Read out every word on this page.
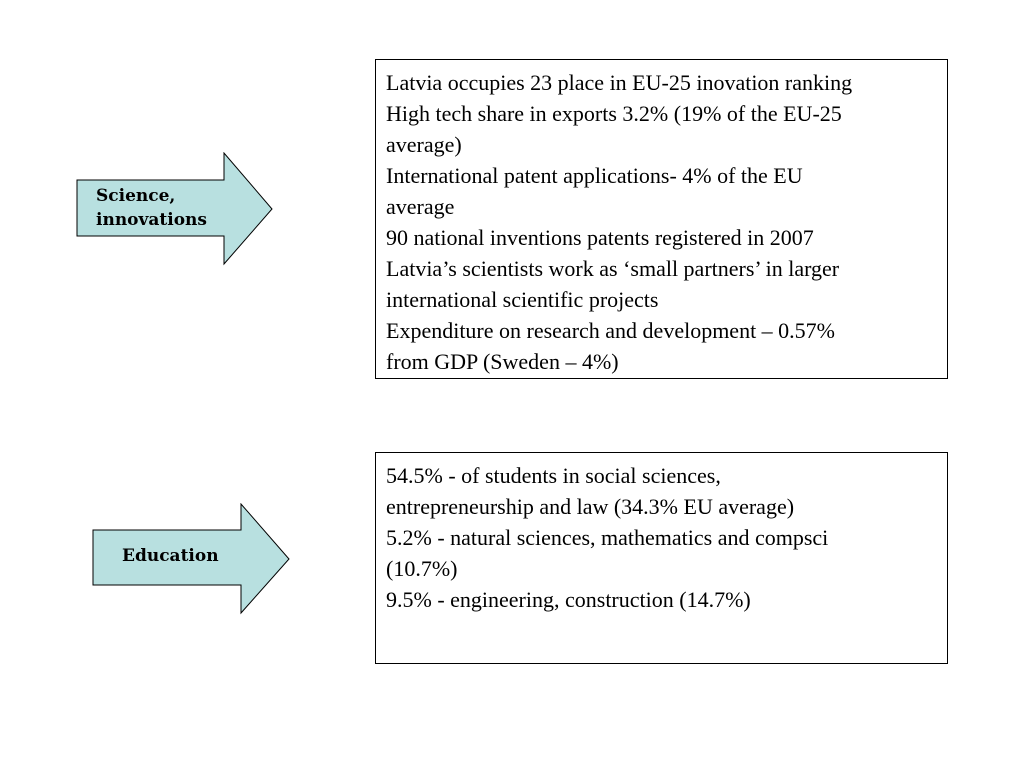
Science,
innovations
Latvia occupies 23 place in EU-25 inovation ranking
High tech share in exports 3.2% (19% of the EU-25
average)
International patent applications- 4% of the EU
average
90 national inventions patents registered in 2007
Latvia’s scientists work as ‘small partners’ in larger
international scientific projects
Expenditure on research and development – 0.57%
from GDP (Sweden – 4%)
Education
54.5% - of students in social sciences,
entrepreneurship and law (34.3% EU average)
5.2% - natural sciences, mathematics and compsci
(10.7%)
9.5% - engineering, construction (14.7%)
